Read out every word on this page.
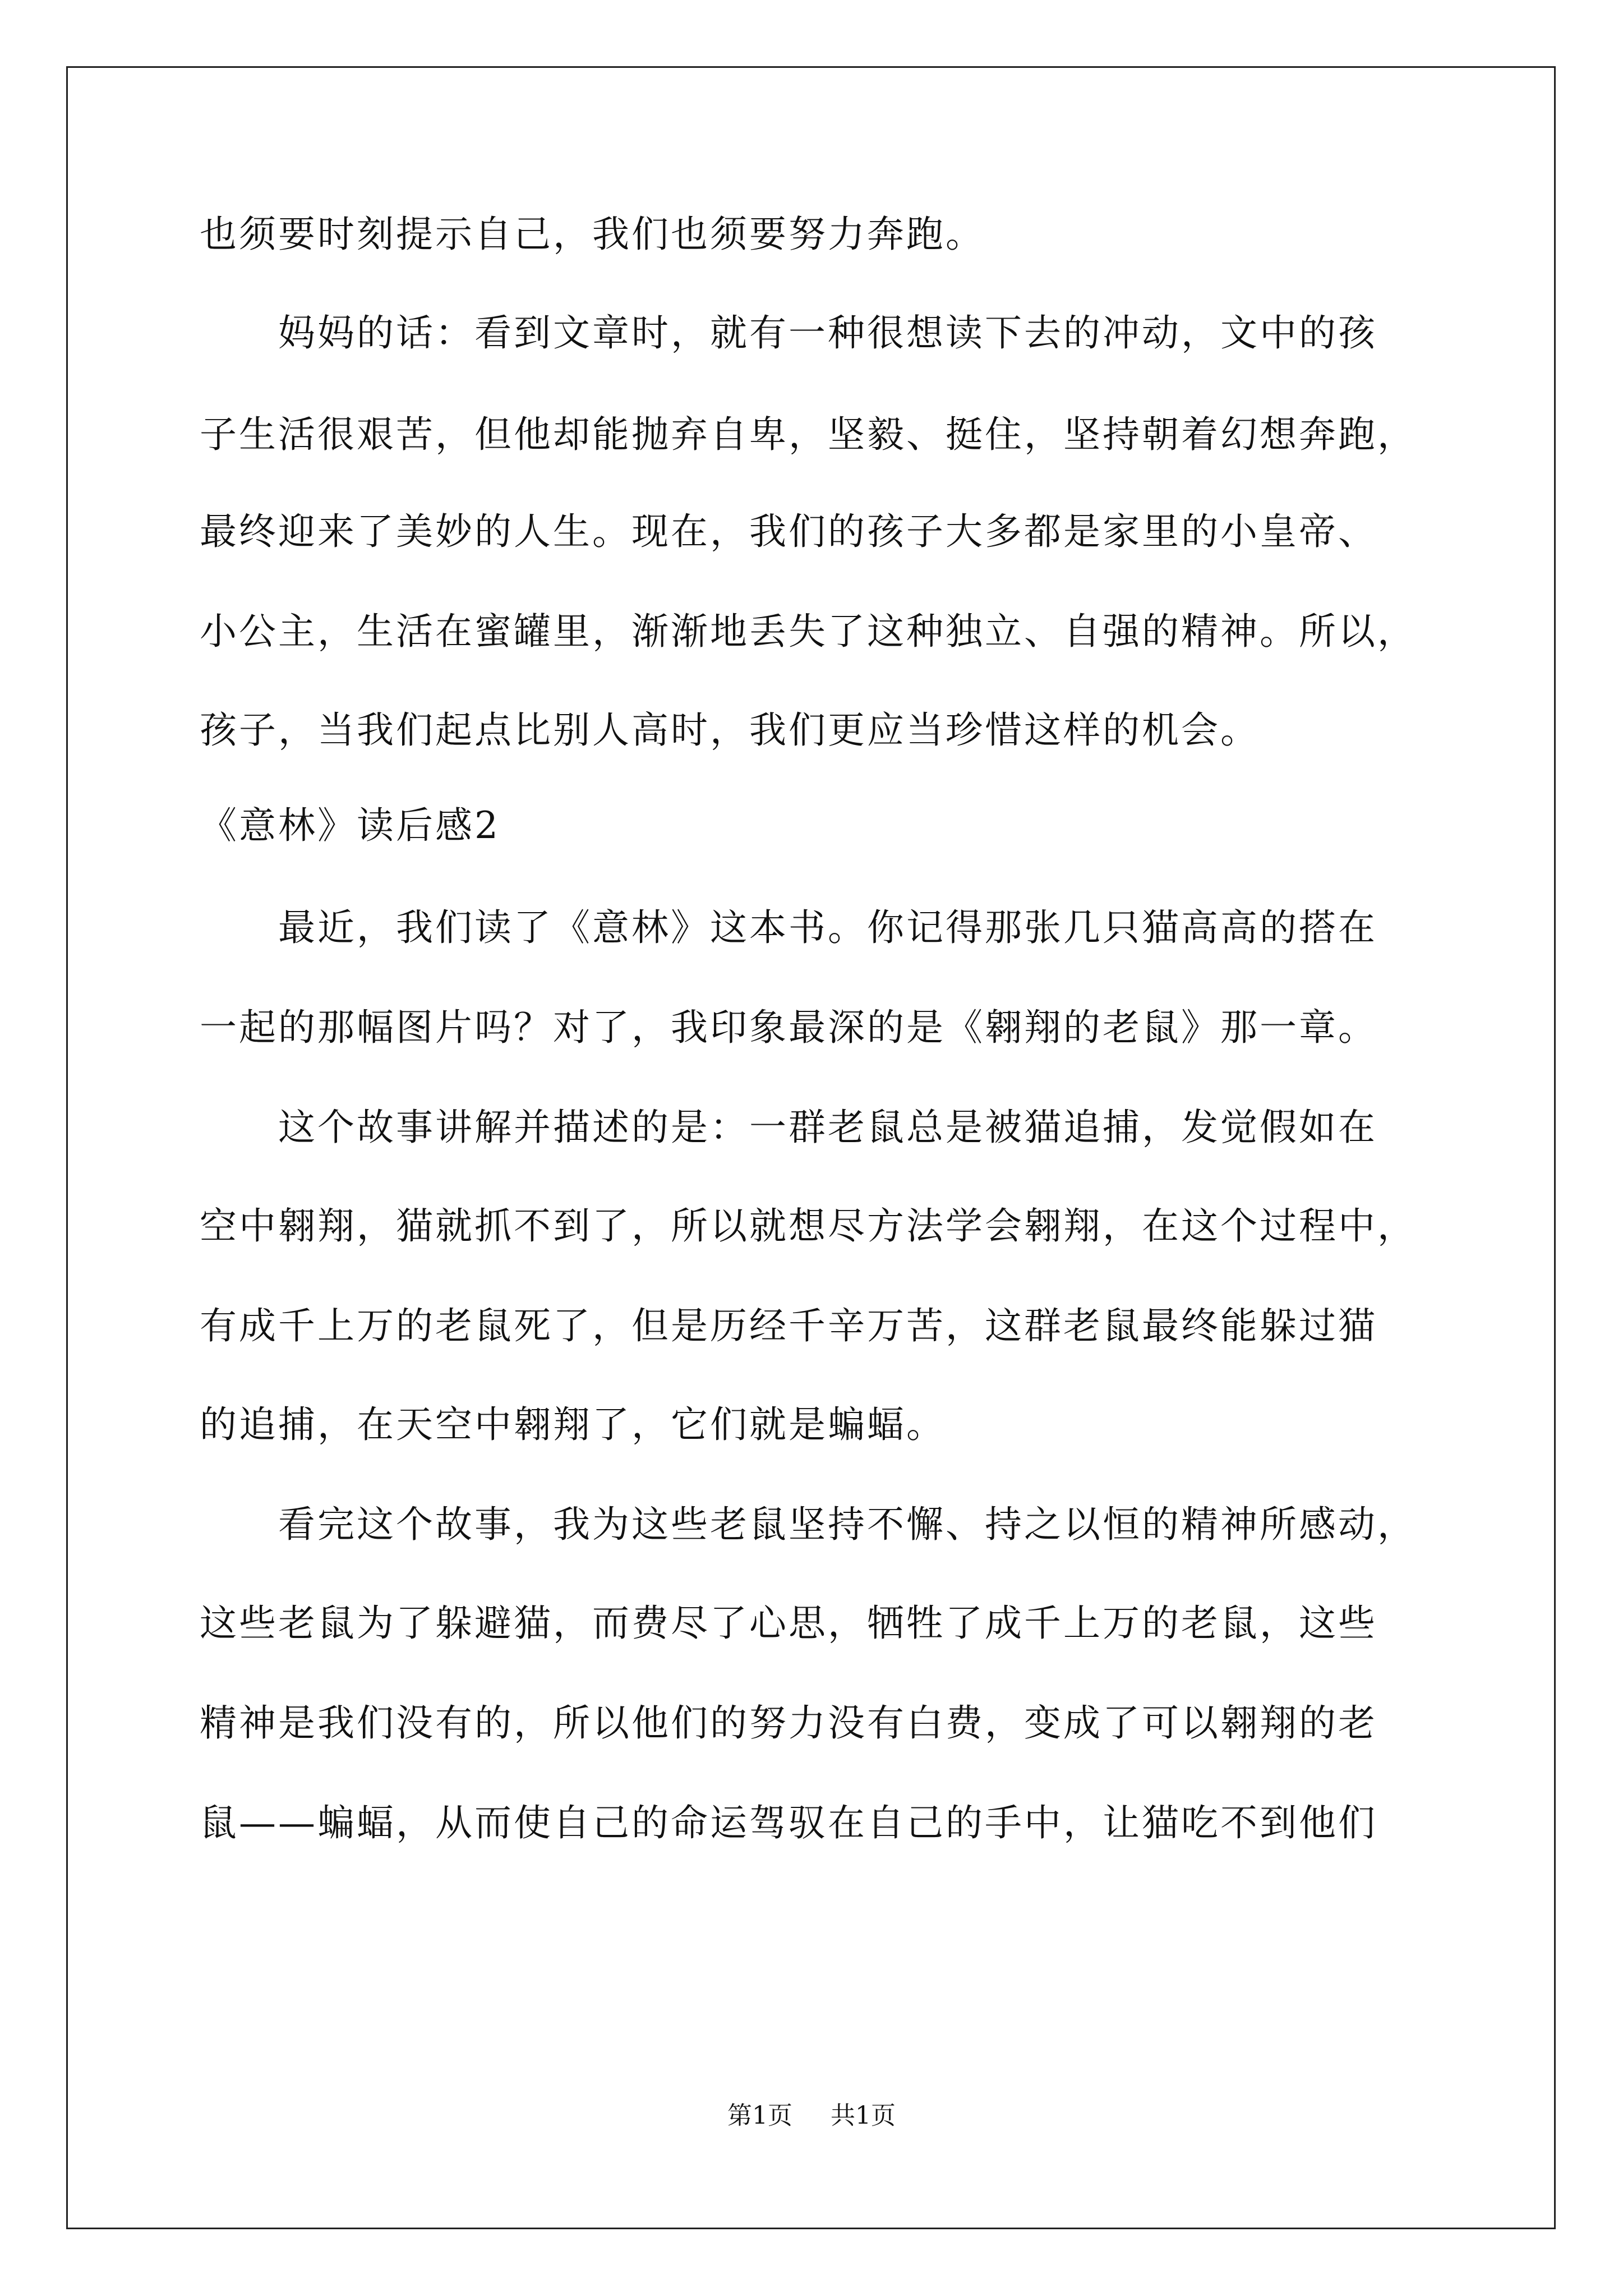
也须要时刻提示自己，我们也须要努力奔跑。
　　妈妈的话：看到文章时，就有一种很想读下去的冲动，文中的孩
子生活很艰苦，但他却能抛弃自卑，坚毅、挺住，坚持朝着幻想奔跑，
最终迎来了美妙的人生。现在，我们的孩子大多都是家里的小皇帝、
小公主，生活在蜜罐里，渐渐地丢失了这种独立、自强的精神。所以，
孩子，当我们起点比别人高时，我们更应当珍惜这样的机会。
《意林》读后感2
　　最近，我们读了《意林》这本书。你记得那张几只猫高高的搭在
一起的那幅图片吗？对了，我印象最深的是《翱翔的老鼠》那一章。
　　这个故事讲解并描述的是：一群老鼠总是被猫追捕，发觉假如在
空中翱翔，猫就抓不到了，所以就想尽方法学会翱翔，在这个过程中，
有成千上万的老鼠死了，但是历经千辛万苦，这群老鼠最终能躲过猫
的追捕，在天空中翱翔了，它们就是蝙蝠。
　　看完这个故事，我为这些老鼠坚持不懈、持之以恒的精神所感动，
这些老鼠为了躲避猫，而费尽了心思，牺牲了成千上万的老鼠，这些
精神是我们没有的，所以他们的努力没有白费，变成了可以翱翔的老
鼠——蝙蝠，从而使自己的命运驾驭在自己的手中，让猫吃不到他们
第1页 共1页
